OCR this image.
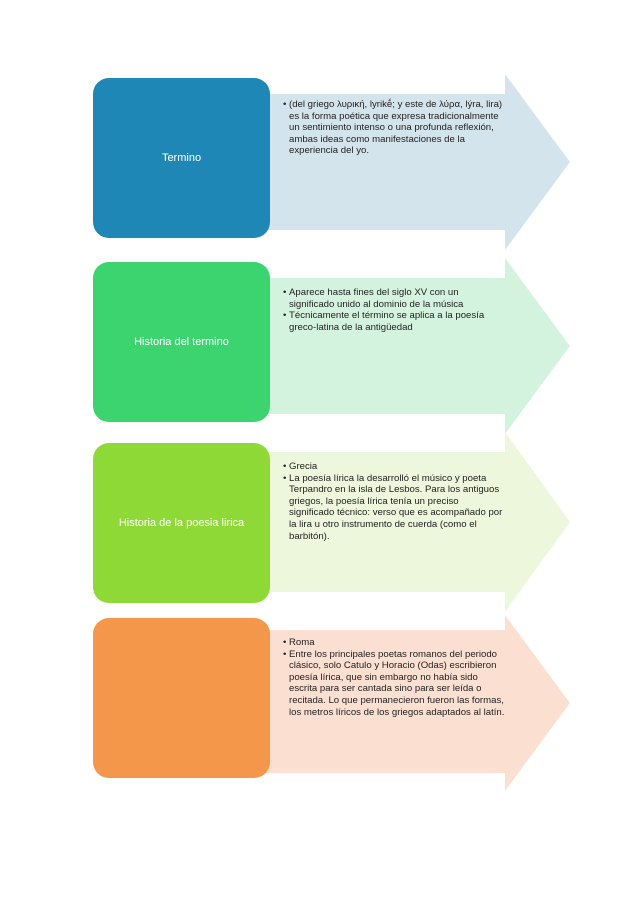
Termino
• (del griego λυρική, lyrikḗ; y este de λύρα, lýra, lira) es la forma poética que expresa tradicionalmente un sentimiento intenso o una profunda reflexión, ambas ideas como manifestaciones de la experiencia del yo.
Historia del termino
• Aparece hasta fines del siglo XV con un significado unido al dominio de la música
• Técnicamente el término se aplica a la poesía greco-latina de la antigüedad
Historia de la poesia lirica
• Grecia
• La poesía lírica la desarrolló el músico y poeta Terpandro en la isla de Lesbos. Para los antiguos griegos, la poesía lírica tenía un preciso significado técnico: verso que es acompañado por la lira u otro instrumento de cuerda (como el barbitón).
• Roma
• Entre los principales poetas romanos del periodo clásico, solo Catulo y Horacio (Odas) escribieron poesía lírica, que sin embargo no había sido escrita para ser cantada sino para ser leída o recitada. Lo que permanecieron fueron las formas, los metros líricos de los griegos adaptados al latín.
